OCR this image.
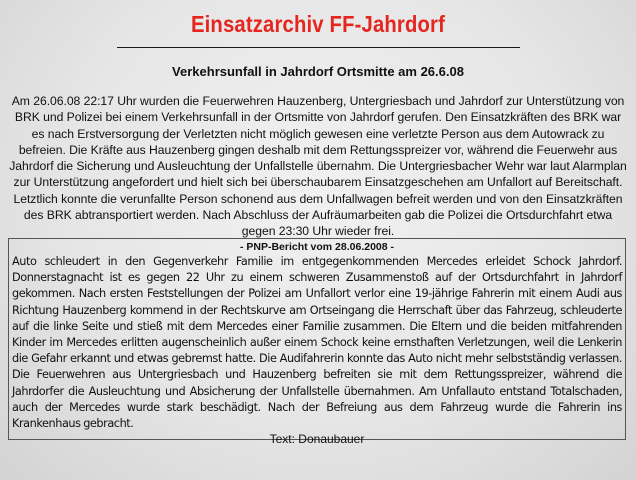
Einsatzarchiv FF-Jahrdorf
Verkehrsunfall in Jahrdorf Ortsmitte am 26.6.08
Am 26.06.08 22:17 Uhr wurden die Feuerwehren Hauzenberg, Untergriesbach und Jahrdorf zur Unterstützung von BRK und Polizei bei einem Verkehrsunfall in der Ortsmitte von Jahrdorf gerufen. Den Einsatzkräften des BRK war es nach Erstversorgung der Verletzten nicht möglich gewesen eine verletzte Person aus dem Autowrack zu befreien. Die Kräfte aus Hauzenberg gingen deshalb mit dem Rettungsspreizer vor, während die Feuerwehr aus Jahrdorf die Sicherung und Ausleuchtung der Unfallstelle übernahm. Die Untergriesbacher Wehr war laut Alarmplan zur Unterstützung angefordert und hielt sich bei überschaubarem Einsatzgeschehen am Unfallort auf Bereitschaft. Letztlich konnte die verunfallte Person schonend aus dem Unfallwagen befreit werden und von den Einsatzkräften des BRK abtransportiert werden. Nach Abschluss der Aufräumarbeiten gab die Polizei die Ortsdurchfahrt etwa gegen 23:30 Uhr wieder frei.
- PNP-Bericht vom 28.06.2008 -
Auto schleudert in den Gegenverkehr Familie im entgegenkommenden Mercedes erleidet Schock Jahrdorf. Donnerstagnacht ist es gegen 22 Uhr zu einem schweren Zusammenstoß auf der Ortsdurchfahrt in Jahrdorf gekommen. Nach ersten Feststellungen der Polizei am Unfallort verlor eine 19-jährige Fahrerin mit einem Audi aus Richtung Hauzenberg kommend in der Rechtskurve am Ortseingang die Herrschaft über das Fahrzeug, schleuderte auf die linke Seite und stieß mit dem Mercedes einer Familie zusammen. Die Eltern und die beiden mitfahrenden Kinder im Mercedes erlitten augenscheinlich außer einem Schock keine ernsthaften Verletzungen, weil die Lenkerin die Gefahr erkannt und etwas gebremst hatte. Die Audifahrerin konnte das Auto nicht mehr selbstständig verlassen. Die Feuerwehren aus Untergriesbach und Hauzenberg befreiten sie mit dem Rettungsspreizer, während die Jahrdorfer die Ausleuchtung und Absicherung der Unfallstelle übernahmen. Am Unfallauto entstand Totalschaden, auch der Mercedes wurde stark beschädigt. Nach der Befreiung aus dem Fahrzeug wurde die Fahrerin ins Krankenhaus gebracht.
Text: Donaubauer
